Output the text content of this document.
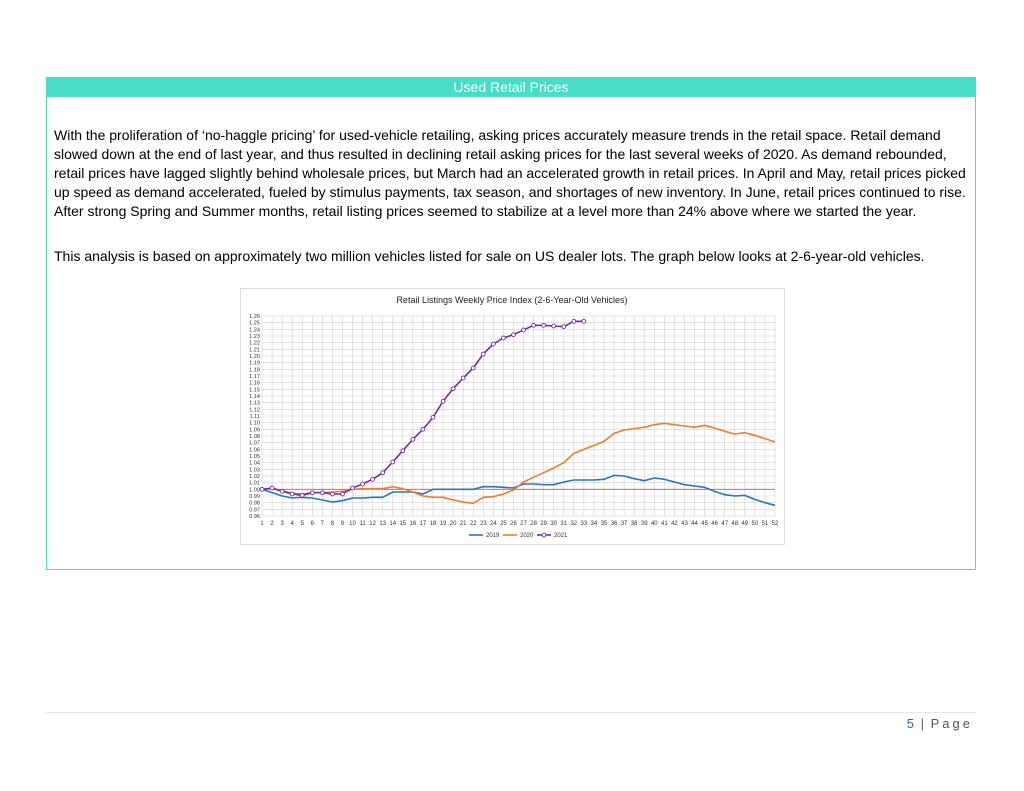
Used Retail Prices

With the proliferation of ‘no-haggle pricing’ for used-vehicle retailing, asking prices accurately measure trends in the retail space. Retail demand slowed down at the end of last year, and thus resulted in declining retail asking prices for the last several weeks of 2020. As demand rebounded, retail prices have lagged slightly behind wholesale prices, but March had an accelerated growth in retail prices. In April and May, retail prices picked up speed as demand accelerated, fueled by stimulus payments, tax season, and shortages of new inventory. In June, retail prices continued to rise. After strong Spring and Summer months, retail listing prices seemed to stabilize at a level more than 24% above where we started the year.

This analysis is based on approximately two million vehicles listed for sale on US dealer lots. The graph below looks at 2-6-year-old vehicles.

0.96
0.97
0.98
0.99
1.00
1.01
1.02
1.03
1.04
1.05
1.06
1.07
1.08
1.09
1.10
1.11
1.12
1.13
1.14
1.15
1.16
1.17
1.18
1.19
1.20
1.21
1.22
1.23
1.24
1.25
1.26
1 2 3 4 5 6 7 8 9 10 11 12 13 14 15 16 17 18 19 20 21 22 23 24 25 26 27 28 29 30 31 32 33 34 35 36 37 38 39 40 41 42 43 44 45 46 47 48 49 50 51 52
2019	2020	2021
Retail Listings Weekly Price Index (2-6-Year-Old Vehicles)
5 | Page
